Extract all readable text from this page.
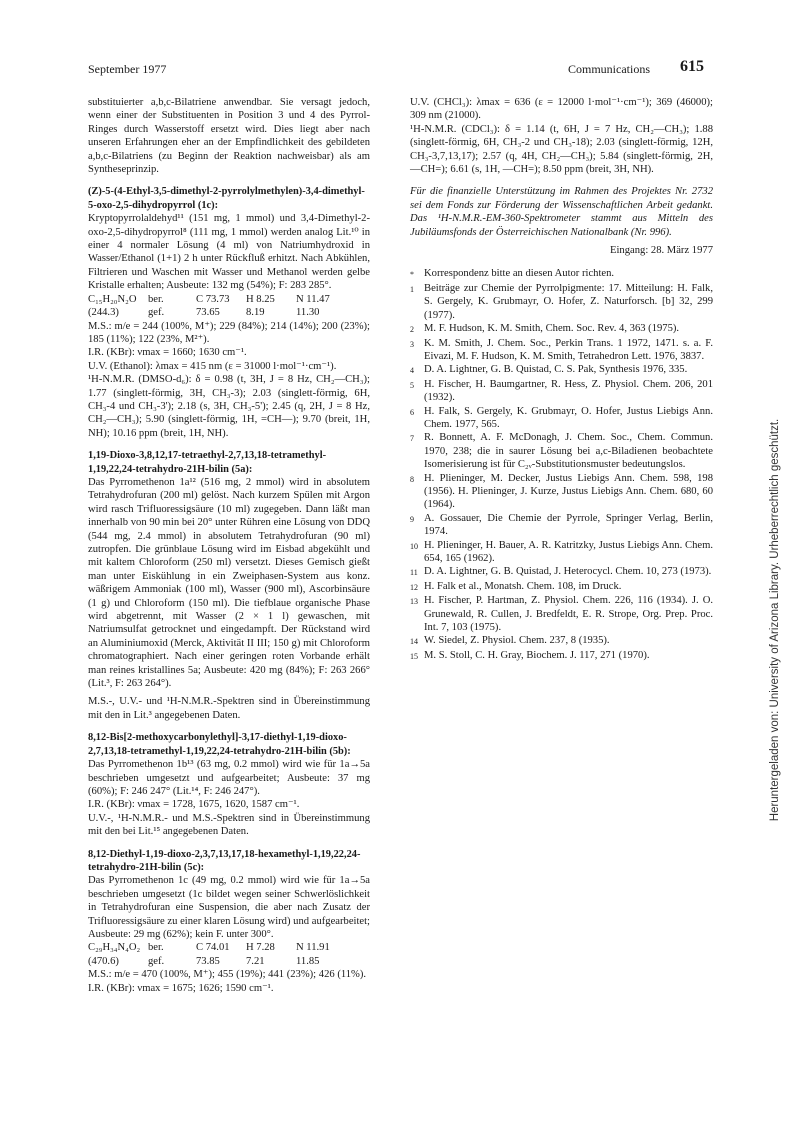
September 1977	Communications 615

substituierter a,b,c-Bilatriene anwendbar. Sie versagt jedoch, wenn einer der Substituenten in Position 3 und 4 des Pyrrol-Ringes durch Wasserstoff ersetzt wird. Dies liegt aber nach unseren Erfahrungen eher an der Empfindlichkeit des gebildeten a,b,c-Bilatriens (zu Beginn der Reaktion nachweisbar) als am Syntheseprinzip.

(Z)-5-(4-Ethyl-3,5-dimethyl-2-pyrrolylmethylen)-3,4-dimethyl-5-oxo-2,5-dihydropyrrol (1c):

Kryptopyrrolaldehyd¹¹ (151 mg, 1 mmol) und 3,4-Dimethyl-2-oxo-2,5-dihydropyrrol⁸ (111 mg, 1 mmol) werden analog Lit.¹⁰ in einer 4 normaler Lösung (4 ml) von Natriumhydroxid in Wasser/Ethanol (1+1) 2 h unter Rückfluß erhitzt. Nach Abkühlen, Filtrieren und Waschen mit Wasser und Methanol werden gelbe Kristalle erhalten; Ausbeute: 132 mg (54%); F: 283 285°.

C₁₅H₂₀N₂O	ber.	C 73.73	H 8.25	N 11.47
(244.3)	gef.	73.65	8.19	11.30

M.S.: m/e = 244 (100%, M⁺); 229 (84%); 214 (14%); 200 (23%); 185 (11%); 122 (23%, M²⁺).

I.R. (KBr): νmax = 1660; 1630 cm⁻¹.

U.V. (Ethanol): λmax = 415 nm (ε = 31000 l·mol⁻¹·cm⁻¹).

¹H-N.M.R. (DMSO-d₆): δ = 0.98 (t, 3H, J = 8 Hz, CH₂—CH₃); 1.77 (singlett-förmig, 3H, CH₃-3); 2.03 (singlett-förmig, 6H, CH₃-4 und CH₃-3'); 2.18 (s, 3H, CH₃-5'); 2.45 (q, 2H, J = 8 Hz, CH₂—CH₃); 5.90 (singlett-förmig, 1H, =CH—); 9.70 (breit, 1H, NH); 10.16 ppm (breit, 1H, NH).

1,19-Dioxo-3,8,12,17-tetraethyl-2,7,13,18-tetramethyl-1,19,22,24-tetrahydro-21H-bilin (5a):

Das Pyrromethenon 1a¹² (516 mg, 2 mmol) wird in absolutem Tetrahydrofuran (200 ml) gelöst. Nach kurzem Spülen mit Argon wird rasch Trifluoressigsäure (10 ml) zugegeben. Dann läßt man innerhalb von 90 min bei 20° unter Rühren eine Lösung von DDQ (544 mg, 2.4 mmol) in absolutem Tetrahydrofuran (90 ml) zutropfen. Die grünblaue Lösung wird im Eisbad abgekühlt und mit kaltem Chloroform (250 ml) versetzt. Dieses Gemisch gießt man unter Eiskühlung in ein Zweiphasen-System aus konz. wäßrigem Ammoniak (100 ml), Wasser (900 ml), Ascorbinsäure (1 g) und Chloroform (150 ml). Die tiefblaue organische Phase wird abgetrennt, mit Wasser (2 × 1 l) gewaschen, mit Natriumsulfat getrocknet und eingedampft. Der Rückstand wird an Aluminiumoxid (Merck, Aktivität II III; 150 g) mit Chloroform chromatographiert. Nach einer geringen roten Vorbande erhält man reines kristallines 5a; Ausbeute: 420 mg (84%); F: 263 266° (Lit.³, F: 263 264°).

M.S.-, U.V.- und ¹H-N.M.R.-Spektren sind in Übereinstimmung mit den in Lit.³ angegebenen Daten.

8,12-Bis[2-methoxycarbonylethyl]-3,17-diethyl-1,19-dioxo-2,7,13,18-tetramethyl-1,19,22,24-tetrahydro-21H-bilin (5b):

Das Pyrromethenon 1b¹³ (63 mg, 0.2 mmol) wird wie für 1a→5a beschrieben umgesetzt und aufgearbeitet; Ausbeute: 37 mg (60%); F: 246 247° (Lit.¹⁴, F: 246 247°).

I.R. (KBr): νmax = 1728, 1675, 1620, 1587 cm⁻¹.

U.V.-, ¹H-N.M.R.- und M.S.-Spektren sind in Übereinstimmung mit den bei Lit.¹⁵ angegebenen Daten.

8,12-Diethyl-1,19-dioxo-2,3,7,13,17,18-hexamethyl-1,19,22,24-tetrahydro-21H-bilin (5c):

Das Pyrromethenon 1c (49 mg, 0.2 mmol) wird wie für 1a→5a beschrieben umgesetzt (1c bildet wegen seiner Schwerlöslichkeit in Tetrahydrofuran eine Suspension, die aber nach Zusatz der Trifluoressigsäure zu einer klaren Lösung wird) und aufgearbeitet; Ausbeute: 29 mg (62%); kein F. unter 300°.

C₂₉H₃₄N₄O₂ ber.	C 74.01	H 7.28	N 11.91
(470.6)	gef.	73.85	7.21	11.85

M.S.: m/e = 470 (100%, M⁺); 455 (19%); 441 (23%); 426 (11%).

I.R. (KBr): νmax = 1675; 1626; 1590 cm⁻¹.

U.V. (CHCl₃): λmax = 636 (ε = 12000 l·mol⁻¹·cm⁻¹); 369 (46000); 309 nm (21000).

¹H-N.M.R. (CDCl₃): δ = 1.14 (t, 6H, J = 7 Hz, CH₂—CH₃); 1.88 (singlett-förmig, 6H, CH₃-2 und CH₃-18); 2.03 (singlett-förmig, 12H, CH₃-3,7,13,17); 2.57 (q, 4H, CH₂—CH₃); 5.84 (singlett-förmig, 2H, —CH=); 6.61 (s, 1H, —CH=); 8.50 ppm (breit, 3H, NH).

Für die finanzielle Unterstützung im Rahmen des Projektes Nr. 2732 sei dem Fonds zur Förderung der Wissenschaftlichen Arbeit gedankt. Das ¹H-N.M.R.-EM-360-Spektrometer stammt aus Mitteln des Jubiläumsfonds der Österreichischen Nationalbank (Nr. 996).

Eingang: 28. März 1977

* Korrespondenz bitte an diesen Autor richten.
1 Beiträge zur Chemie der Pyrrolpigmente: 17. Mitteilung: H. Falk, S. Gergely, K. Grubmayr, O. Hofer, Z. Naturforsch. [b] 32, 299 (1977).
2 M. F. Hudson, K. M. Smith, Chem. Soc. Rev. 4, 363 (1975).
3 K. M. Smith, J. Chem. Soc., Perkin Trans. 1 1972, 1471. s. a. F. Eivazi, M. F. Hudson, K. M. Smith, Tetrahedron Lett. 1976, 3837.
4 D. A. Lightner, G. B. Quistad, C. S. Pak, Synthesis 1976, 335.
5 H. Fischer, H. Baumgartner, R. Hess, Z. Physiol. Chem. 206, 201 (1932).
6 H. Falk, S. Gergely, K. Grubmayr, O. Hofer, Justus Liebigs Ann. Chem. 1977, 565.
7 R. Bonnett, A. F. McDonagh, J. Chem. Soc., Chem. Commun. 1970, 238; die in saurer Lösung bei a,c-Biladienen beobachtete Isomerisierung ist für C₂ᵥ-Substitutionsmuster bedeutungslos.
8 H. Plieninger, M. Decker, Justus Liebigs Ann. Chem. 598, 198 (1956). H. Plieninger, J. Kurze, Justus Liebigs Ann. Chem. 680, 60 (1964).
9 A. Gossauer, Die Chemie der Pyrrole, Springer Verlag, Berlin, 1974.
10 H. Plieninger, H. Bauer, A. R. Katritzky, Justus Liebigs Ann. Chem. 654, 165 (1962).
11 D. A. Lightner, G. B. Quistad, J. Heterocycl. Chem. 10, 273 (1973).
12 H. Falk et al., Monatsh. Chem. 108, im Druck.
13 H. Fischer, P. Hartman, Z. Physiol. Chem. 226, 116 (1934). J. O. Grunewald, R. Cullen, J. Bredfeldt, E. R. Strope, Org. Prep. Proc. Int. 7, 103 (1975).
14 W. Siedel, Z. Physiol. Chem. 237, 8 (1935).
15 M. S. Stoll, C. H. Gray, Biochem. J. 117, 271 (1970).	Heruntergeladen von: University of Arizona Library. Urheberrechtlich geschützt.
